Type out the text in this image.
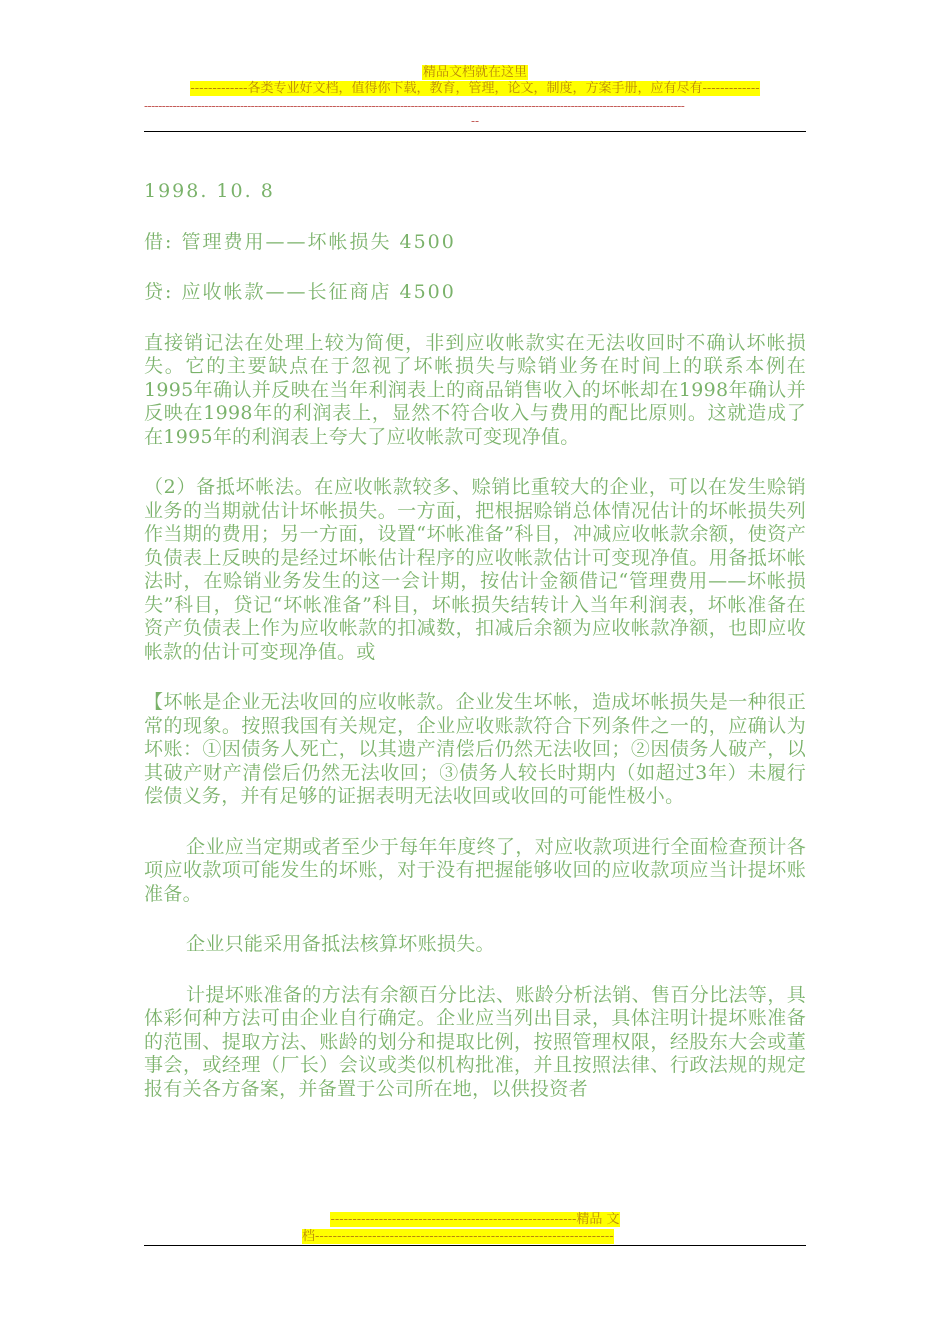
精品文档就在这里
-------------各类专业好文档，值得你下载，教育，管理，论文，制度，方案手册，应有尽有-------------
--------------------------------------------------------------------------------------------------------------------------------------------------------
--

1998. 10. 8

借: 管理费用——坏帐损失 4500

贷: 应收帐款——长征商店 4500

直接销记法在处理上较为简便，非到应收帐款实在无法收回时不确认坏帐损失。它的主要缺点在于忽视了坏帐损失与赊销业务在时间上的联系本例在1995年确认并反映在当年利润表上的商品销售收入的坏帐却在1998年确认并反映在1998年的利润表上，显然不符合收入与费用的配比原则。这就造成了在1995年的利润表上夸大了应收帐款可变现净值。

（2）备抵坏帐法。在应收帐款较多、赊销比重较大的企业，可以在发生赊销业务的当期就估计坏帐损失。一方面，把根据赊销总体情况估计的坏帐损失列作当期的费用；另一方面，设置“坏帐准备”科目，冲减应收帐款余额，使资产负债表上反映的是经过坏帐估计程序的应收帐款估计可变现净值。用备抵坏帐法时，在赊销业务发生的这一会计期，按估计金额借记“管理费用——坏帐损失”科目，贷记“坏帐准备”科目，坏帐损失结转计入当年利润表，坏帐准备在资产负债表上作为应收帐款的扣减数，扣减后余额为应收帐款净额，也即应收帐款的估计可变现净值。或

【坏帐是企业无法收回的应收帐款。企业发生坏帐，造成坏帐损失是一种很正常的现象。按照我国有关规定，企业应收账款符合下列条件之一的，应确认为坏账：①因债务人死亡，以其遗产清偿后仍然无法收回；②因债务人破产，以其破产财产清偿后仍然无法收回；③债务人较长时期内（如超过3年）未履行偿债义务，并有足够的证据表明无法收回或收回的可能性极小。

企业应当定期或者至少于每年年度终了，对应收款项进行全面检查预计各项应收款项可能发生的坏账，对于没有把握能够收回的应收款项应当计提坏账准备。

企业只能采用备抵法核算坏账损失。

计提坏账准备的方法有余额百分比法、账龄分析法销、售百分比法等，具体彩何种方法可由企业自行确定。企业应当列出目录，具体注明计提坏账准备的范围、提取方法、账龄的划分和提取比例，按照管理权限，经股东大会或董事会，或经理（厂长）会议或类似机构批准，并且按照法律、行政法规的规定报有关各方备案，并备置于公司所在地，以供投资者

--------------------------------------------------------精品 文
档--------------------------------------------------------------------
